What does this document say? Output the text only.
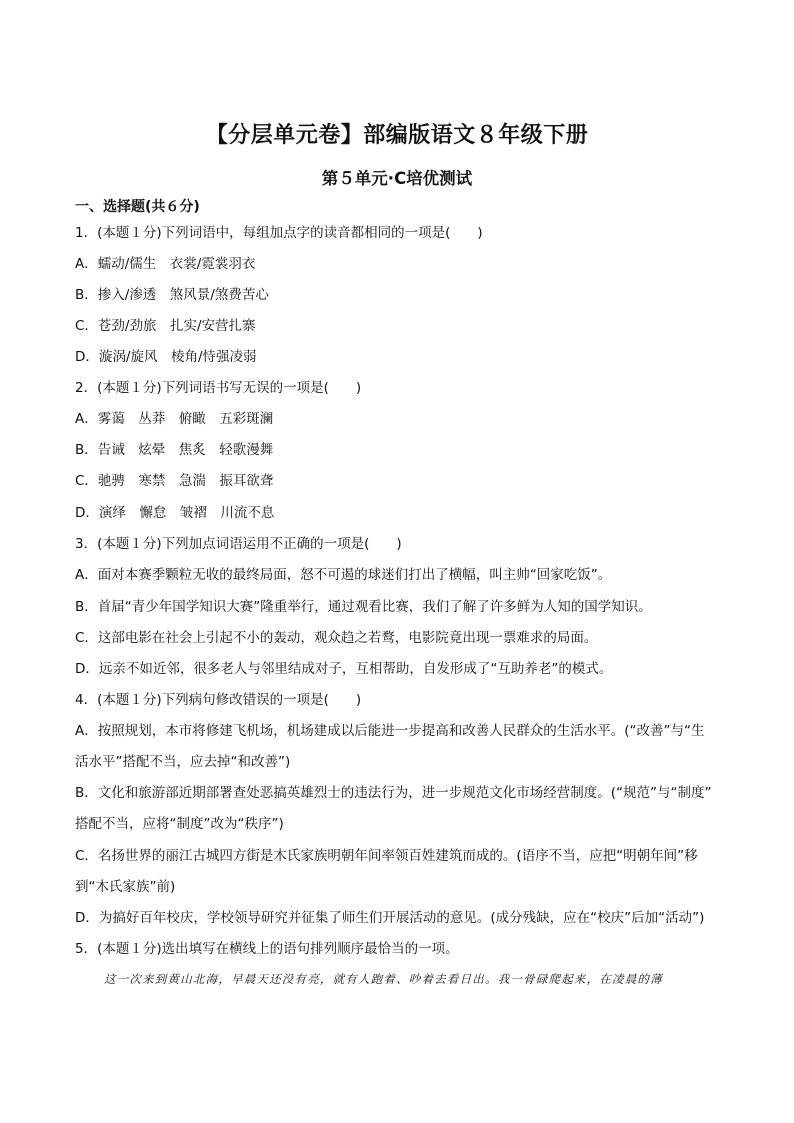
【分层单元卷】部编版语文８年级下册
第５单元·C培优测试
一、选择题(共６分)
1．(本题１分)下列词语中，每组加点字的读音都相同的一项是(　　)
A．蠕动/儒生　衣裳/霓裳羽衣
B．掺入/渗透　煞风景/煞费苦心
C．苍劲/劲旅　扎实/安营扎寨
D．漩涡/旋风　棱角/恃强凌弱
2．(本题１分)下列词语书写无误的一项是(　　)
A．雾蔼　丛莽　俯瞰　五彩斑澜
B．告诫　炫晕　焦炙　轻歌漫舞
C．驰骋　寒禁　急湍　振耳欲聋
D．演绎　懈怠　皱褶　川流不息
3．(本题１分)下列加点词语运用不正确的一项是(　　)
A．面对本赛季颗粒无收的最终局面，怒不可遏的球迷们打出了横幅，叫主帅“回家吃饭”。
B．首届“青少年国学知识大赛”隆重举行，通过观看比赛，我们了解了许多鲜为人知的国学知识。
C．这部电影在社会上引起不小的轰动，观众趋之若鹜，电影院竟出现一票难求的局面。
D．远亲不如近邻，很多老人与邻里结成对子，互相帮助，自发形成了“互助养老”的模式。
4．(本题１分)下列病句修改错误的一项是(　　)
A．按照规划，本市将修建飞机场，机场建成以后能进一步提高和改善人民群众的生活水平。(“改善”与“生
活水平”搭配不当，应去掉“和改善”)
B．文化和旅游部近期部署查处恶搞英雄烈士的违法行为，进一步规范文化市场经营制度。(“规范”与“制度”
搭配不当，应将“制度”改为“秩序”)
C．名扬世界的丽江古城四方街是木氏家族明朝年间率领百姓建筑而成的。(语序不当，应把“明朝年间”移
到“木氏家族”前)
D．为搞好百年校庆，学校领导研究并征集了师生们开展活动的意见。(成分残缺，应在“校庆”后加“活动”)
5．(本题１分)选出填写在横线上的语句排列顺序最恰当的一项。
这一次来到黄山北海，早晨天还没有亮，就有人跑着、吵着去看日出。我一骨碌爬起来，在凌晨的薄
